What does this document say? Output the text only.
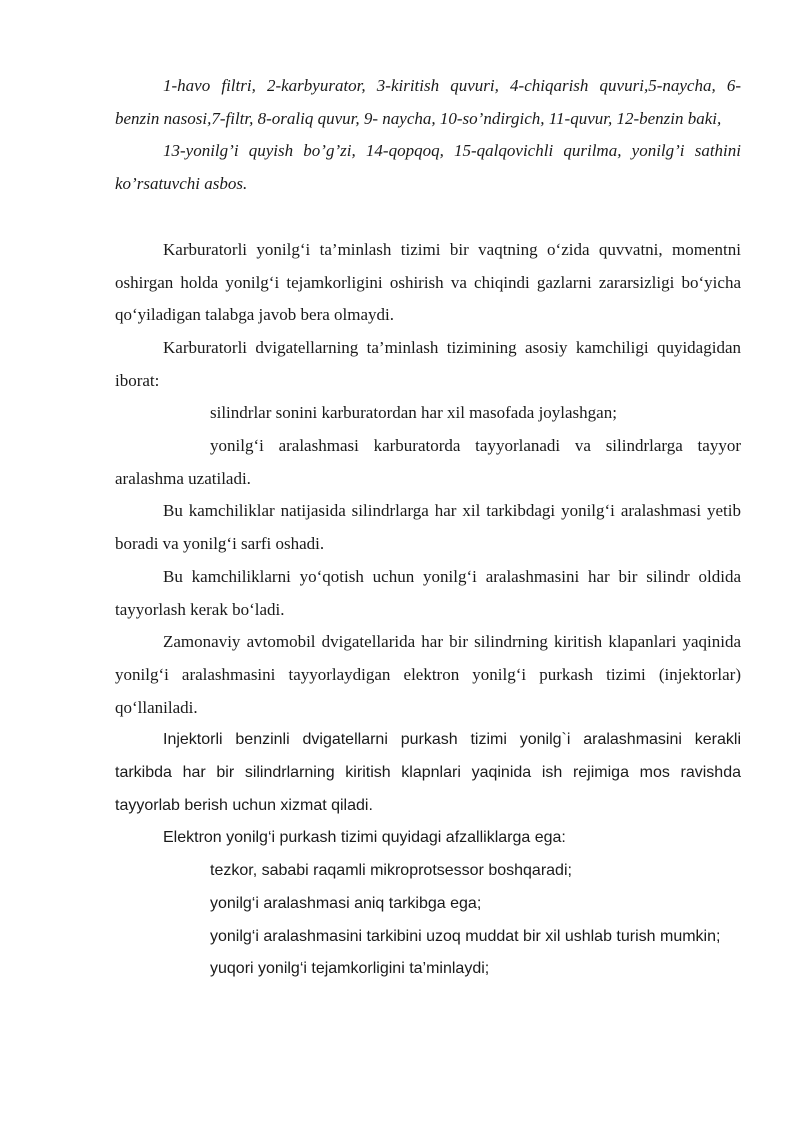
1-havo filtri, 2-karbyurator, 3-kiritish quvuri, 4-chiqarish quvuri,5-naycha, 6- benzin nasosi,7-filtr, 8-oraliq quvur, 9- naycha, 10-so’ndirgich, 11-quvur, 12-benzin baki,

13-yonilg’i quyish bo’g’zi, 14-qopqoq, 15-qalqovichli qurilma, yonilg’i sathini ko’rsatuvchi asbos.

Karburatorli yonilg‘i ta’minlash tizimi bir vaqtning o‘zida quvvatni, momentni oshirgan holda yonilg‘i tejamkorligini oshirish va chiqindi gazlarni zararsizligi bo‘yicha qo‘yiladigan talabga javob bera olmaydi.

Karburatorli dvigatellarning ta’minlash tizimining asosiy kamchiligi quyidagidan iborat:

silindrlar sonini karburatordan har xil masofada joylashgan;

yonilg‘i aralashmasi karburatorda tayyorlanadi va silindrlarga tayyor aralashma uzatiladi.

Bu kamchiliklar natijasida silindrlarga har xil tarkibdagi yonilg‘i aralashmasi yetib boradi va yonilg‘i sarfi oshadi.

Bu kamchiliklarni yo‘qotish uchun yonilg‘i aralashmasini har bir silindr oldida tayyorlash kerak bo‘ladi.

Zamonaviy avtomobil dvigatellarida har bir silindrning kiritish klapanlari yaqinida yonilg‘i aralashmasini tayyorlaydigan elektron yonilg‘i purkash tizimi (injektorlar) qo‘llaniladi.

Injektorli benzinli dvigatellarni purkash tizimi yonilg`i aralashmasini kerakli tarkibda har bir silindrlarning kiritish klapnlari yaqinida ish rejimiga mos ravishda tayyorlab berish uchun xizmat qiladi.

Elektron yonilg‘i purkash tizimi quyidagi afzalliklarga ega:

tezkor, sababi raqamli mikroprotsessor boshqaradi;

yonilg‘i aralashmasi aniq tarkibga ega;

yonilg‘i aralashmasini tarkibini uzoq muddat bir xil ushlab turish mumkin;

yuqori yonilg‘i tejamkorligini ta’minlaydi;
